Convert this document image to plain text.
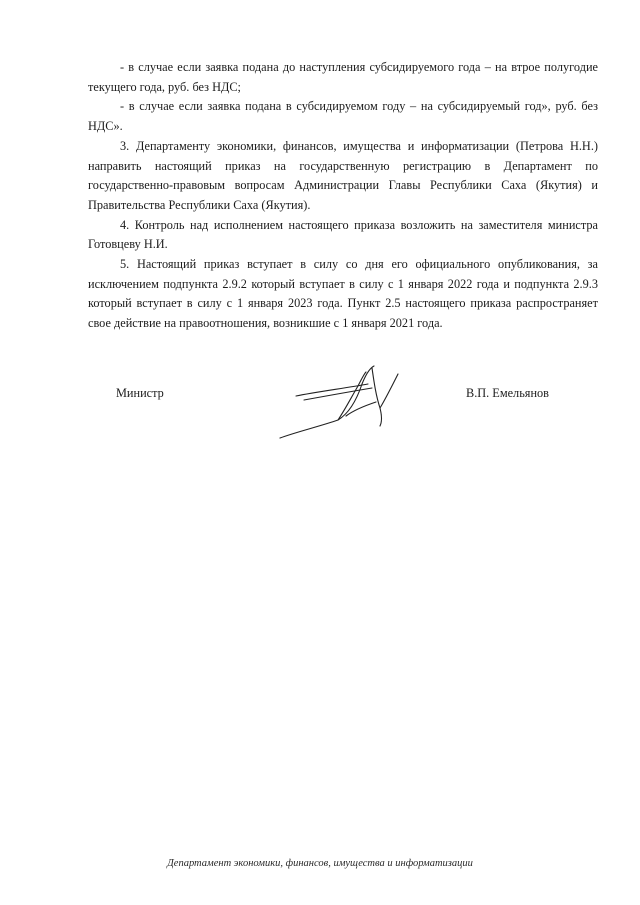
- в случае если заявка подана до наступления субсидируемого года – на втрое полугодие текущего года, руб. без НДС;

- в случае если заявка подана в субсидируемом году – на субсидируемый год», руб. без НДС».

3. Департаменту экономики, финансов, имущества и информатизации (Петрова Н.Н.) направить настоящий приказ на государственную регистрацию в Департамент по государственно-правовым вопросам Администрации Главы Республики Саха (Якутия) и Правительства Республики Саха (Якутия).

4. Контроль над исполнением настоящего приказа возложить на заместителя министра Готовцеву Н.И.

5. Настоящий приказ вступает в силу со дня его официального опубликования, за исключением подпункта 2.9.2 который вступает в силу с 1 января 2022 года и подпункта 2.9.3 который вступает в силу с 1 января 2023 года. Пункт 2.5 настоящего приказа распространяет свое действие на правоотношения, возникшие с 1 января 2021 года.

Министр	В.П. Емельянов
Департамент экономики, финансов, имущества и информатизации
